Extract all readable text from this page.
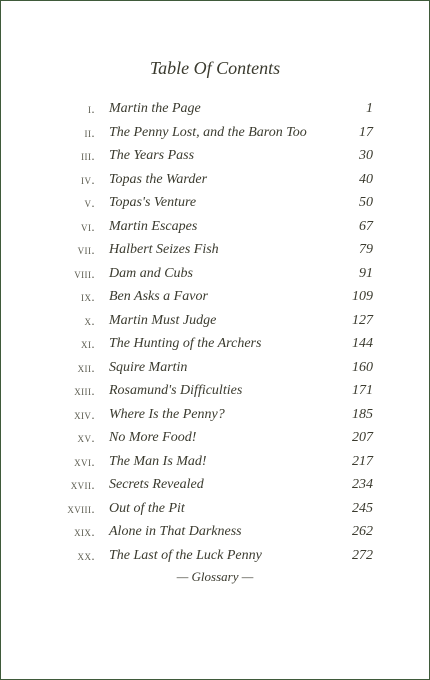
Table Of Contents
i. Martin the Page	1
ii. The Penny Lost, and the Baron Too	17
iii. The Years Pass	30
iv. Topas the Warder	40
v. Topas's Venture	50
vi. Martin Escapes	67
vii. Halbert Seizes Fish	79
viii. Dam and Cubs	91
ix. Ben Asks a Favor	109
x. Martin Must Judge	127
xi. The Hunting of the Archers	144
xii. Squire Martin	160
xiii. Rosamund's Difficulties	171
xiv. Where Is the Penny?	185
xv. No More Food!	207
xvi. The Man Is Mad!	217
xvii. Secrets Revealed	234
xviii. Out of the Pit	245
xix. Alone in That Darkness	262
xx. The Last of the Luck Penny	272
— Glossary —
